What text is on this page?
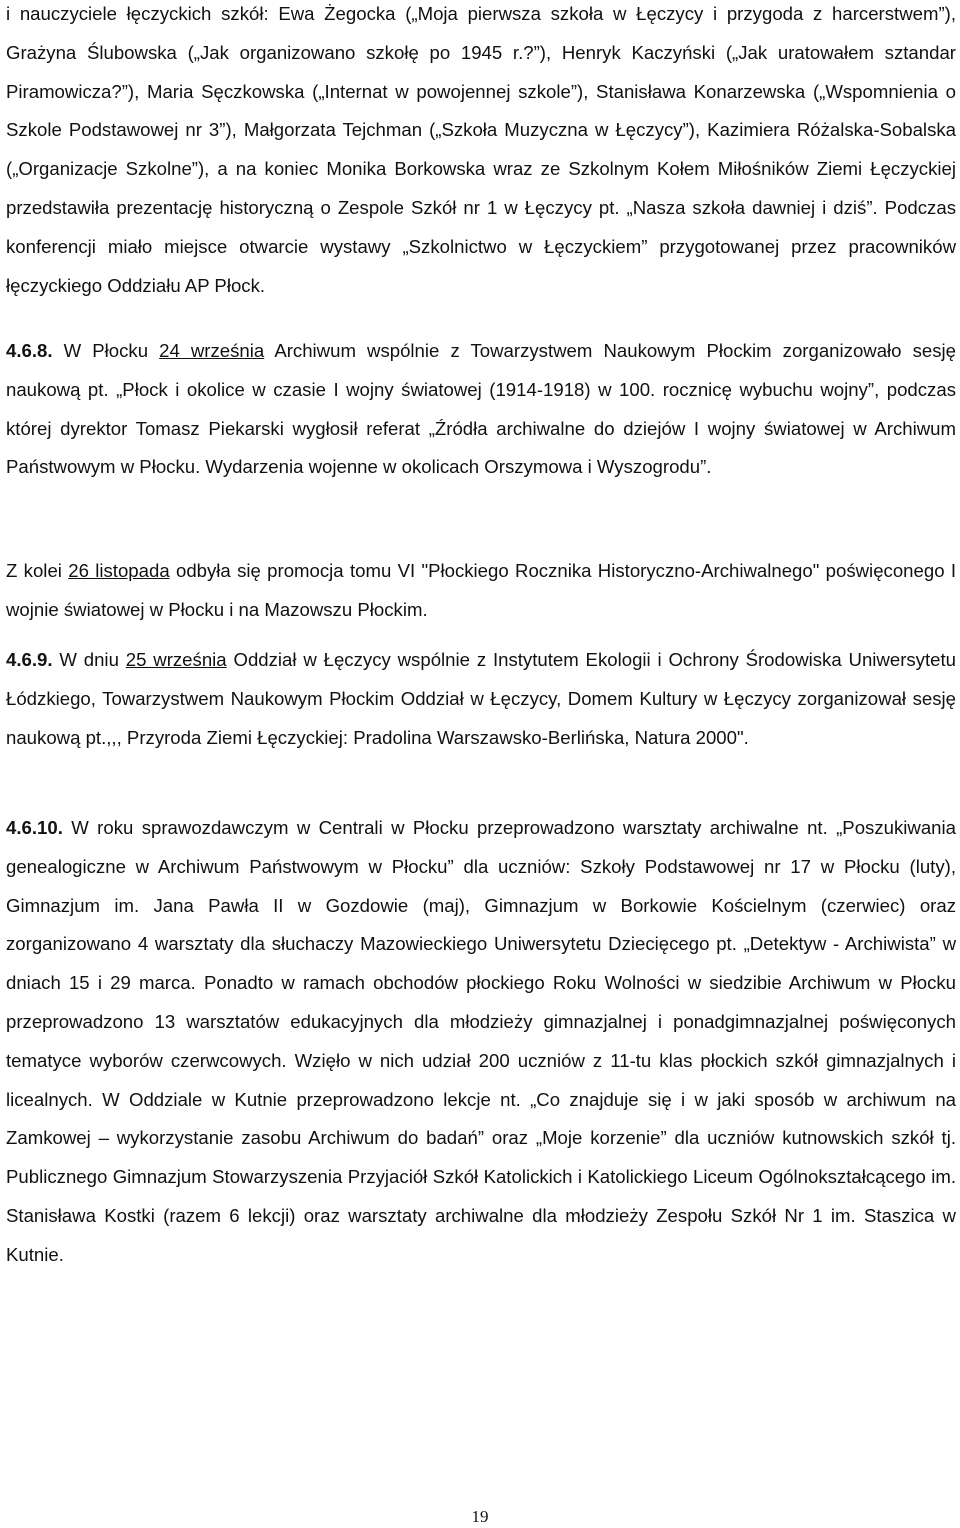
i nauczyciele łęczyckich szkół: Ewa Żegocka („Moja pierwsza szkoła w Łęczycy i przygoda z harcerstwem”), Grażyna Ślubowska („Jak organizowano szkołę po 1945 r.?”), Henryk Kaczyński („Jak uratowałem sztandar Piramowicza?”), Maria Sęczkowska („Internat w powojennej szkole”), Stanisława Konarzewska („Wspomnienia o Szkole Podstawowej nr 3”), Małgorzata Tejchman („Szkoła Muzyczna w Łęczycy”), Kazimiera Różalska-Sobalska („Organizacje Szkolne”), a na koniec Monika Borkowska wraz ze Szkolnym Kołem Miłośników Ziemi Łęczyckiej przedstawiła prezentację historyczną o Zespole Szkół nr 1 w Łęczycy pt. „Nasza szkoła dawniej i dziś”. Podczas konferencji miało miejsce otwarcie wystawy „Szkolnictwo w Łęczyckiem” przygotowanej przez pracowników łęczyckiego Oddziału AP Płock.
4.6.8. W Płocku 24 września Archiwum wspólnie z Towarzystwem Naukowym Płockim zorganizowało sesję naukową pt. „Płock i okolice w czasie I wojny światowej (1914-1918) w 100. rocznicę wybuchu wojny”, podczas której dyrektor Tomasz Piekarski wygłosił referat „Źródła archiwalne do dziejów I wojny światowej w Archiwum Państwowym w Płocku. Wydarzenia wojenne w okolicach Orszymowa i Wyszogrodu”.
Z kolei 26 listopada odbyła się promocja tomu VI "Płockiego Rocznika Historyczno-Archiwalnego" poświęconego I wojnie światowej w Płocku i na Mazowszu Płockim.
4.6.9. W dniu 25 września Oddział w Łęczycy wspólnie z Instytutem Ekologii i Ochrony Środowiska Uniwersytetu Łódzkiego, Towarzystwem Naukowym Płockim Oddział w Łęczycy, Domem Kultury w Łęczycy zorganizował sesję naukową pt.,,, Przyroda Ziemi Łęczyckiej: Pradolina Warszawsko-Berlińska, Natura 2000".
4.6.10. W roku sprawozdawczym w Centrali w Płocku przeprowadzono warsztaty archiwalne nt. „Poszukiwania genealogiczne w Archiwum Państwowym w Płocku” dla uczniów: Szkoły Podstawowej nr 17 w Płocku (luty), Gimnazjum im. Jana Pawła II w Gozdowie (maj), Gimnazjum w Borkowie Kościelnym (czerwiec) oraz zorganizowano 4 warsztaty dla słuchaczy Mazowieckiego Uniwersytetu Dziecięcego pt. „Detektyw - Archiwista” w dniach 15 i 29 marca. Ponadto w ramach obchodów płockiego Roku Wolności w siedzibie Archiwum w Płocku przeprowadzono 13 warsztatów edukacyjnych dla młodzieży gimnazjalnej i ponadgimnazjalnej poświęconych tematyce wyborów czerwcowych. Wzięło w nich udział 200 uczniów z 11-tu klas płockich szkół gimnazjalnych i licealnych. W Oddziale w Kutnie przeprowadzono lekcje nt. „Co znajduje się i w jaki sposób w archiwum na Zamkowej – wykorzystanie zasobu Archiwum do badań” oraz „Moje korzenie” dla uczniów kutnowskich szkół tj. Publicznego Gimnazjum Stowarzyszenia Przyjaciół Szkół Katolickich i Katolickiego Liceum Ogólnokształcącego im. Stanisława Kostki (razem 6 lekcji) oraz warsztaty archiwalne dla młodzieży Zespołu Szkół Nr 1 im. Staszica w Kutnie.
19
